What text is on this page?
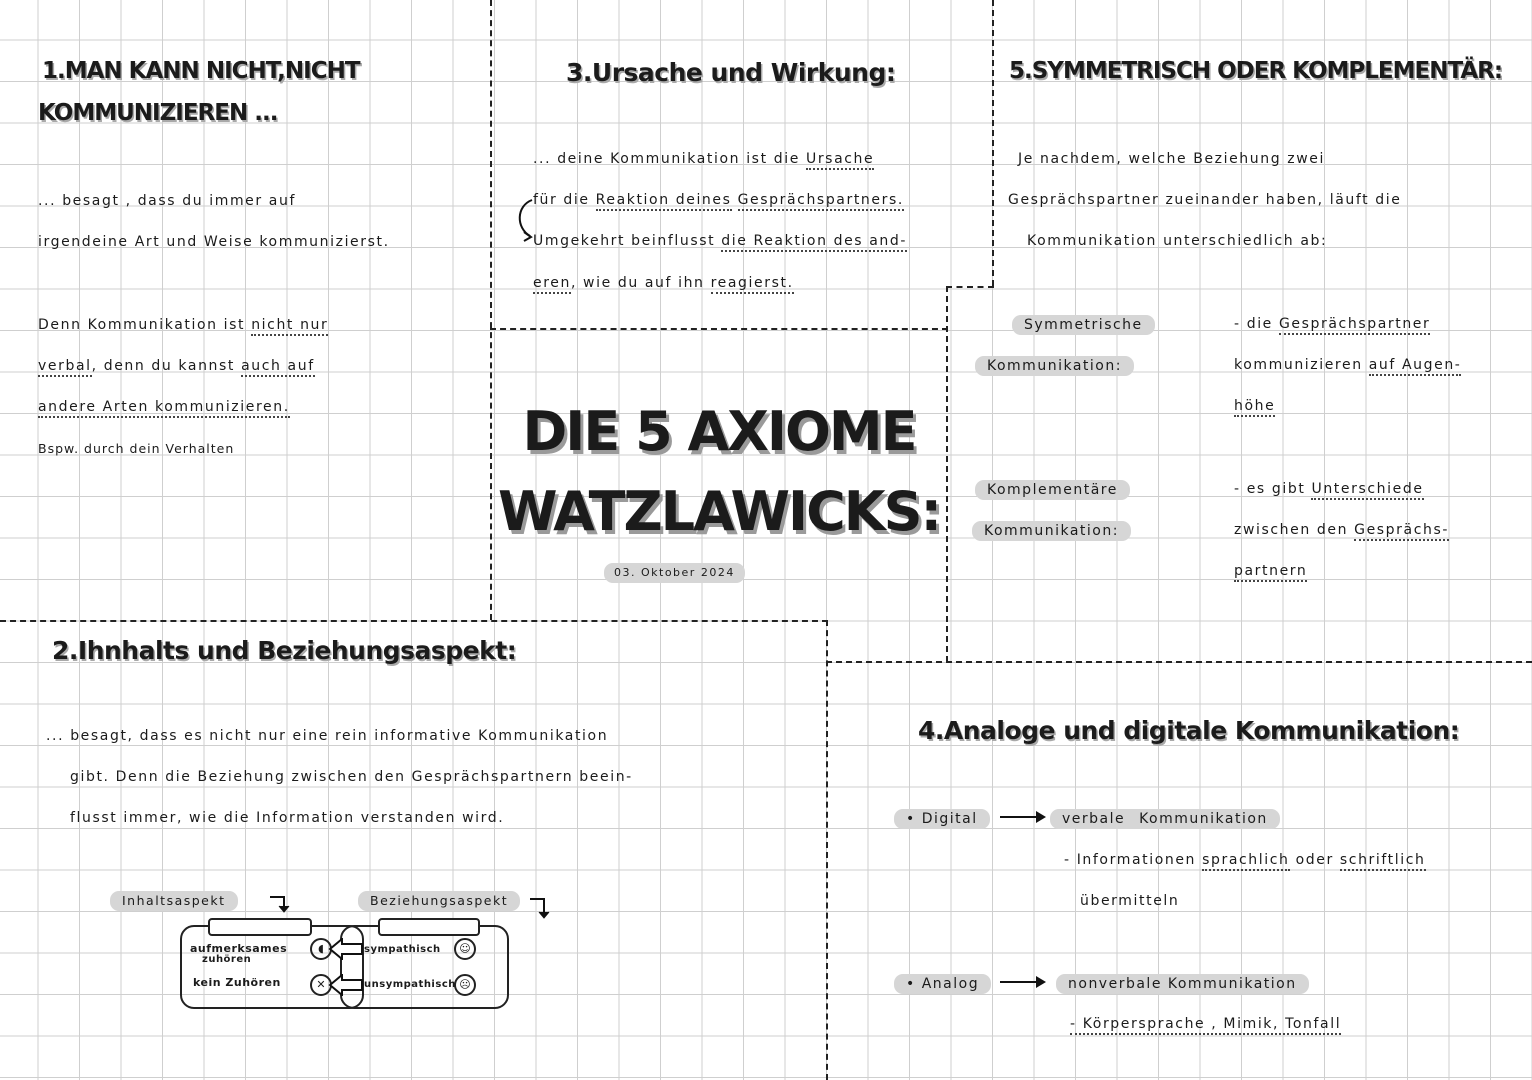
1.MAN KANN NICHT,NICHT
KOMMUNIZIEREN ...
... besagt , dass du immer auf
irgendeine Art und Weise kommunizierst.
Denn Kommunikation ist nicht nur
verbal, denn du kannst auch auf
andere Arten kommunizieren.
Bspw. durch dein Verhalten
3.Ursache und Wirkung:
... deine Kommunikation ist die Ursache
für die Reaktion deines Gesprächspartners.
Umgekehrt beinflusst die Reaktion des and-
eren, wie du auf ihn reagierst.
5.SYMMETRISCH ODER KOMPLEMENTÄR:
Je nachdem, welche Beziehung zwei
Gesprächspartner zueinander haben, läuft die
Kommunikation unterschiedlich ab:
Symmetrische
Kommunikation:
- die Gesprächspartner
kommunizieren auf Augen-
höhe
Komplementäre
Kommunikation:
- es gibt Unterschiede
zwischen den Gesprächs-
partnern
DIE 5 AXIOME
WATZLAWICKS:
03. Oktober 2024
2.Ihnhalts und Beziehungsaspekt:
... besagt, dass es nicht nur eine rein informative Kommunikation
gibt. Denn die Beziehung zwischen den Gesprächspartnern beein-
flusst immer, wie die Information verstanden wird.
Inhaltsaspekt	Beziehungsaspekt
aufmerksames
zuhören
kein Zuhören
◖
✕
sympathisch
unsympathisch
☺
☹
4.Analoge und digitale Kommunikation:
• Digital	verbale Kommunikation
- Informationen sprachlich oder schriftlich
übermitteln
• Analog	nonverbale Kommunikation
- Körpersprache , Mimik, Tonfall
